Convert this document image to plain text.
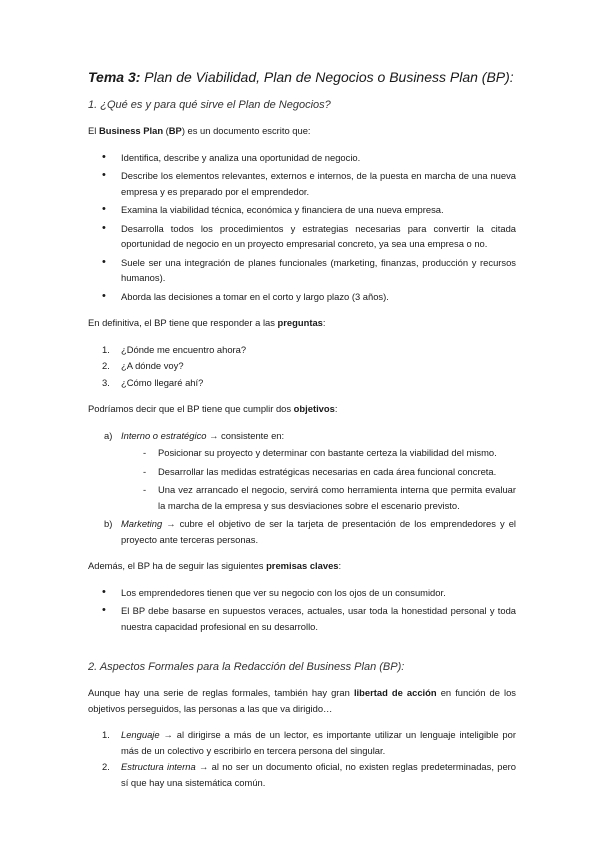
Tema 3: Plan de Viabilidad, Plan de Negocios o Business Plan (BP):
1. ¿Qué es y para qué sirve el Plan de Negocios?

El Business Plan (BP) es un documento escrito que:

• Identifica, describe y analiza una oportunidad de negocio.
• Describe los elementos relevantes, externos e internos, de la puesta en marcha de una nueva empresa y es preparado por el emprendedor.
• Examina la viabilidad técnica, económica y financiera de una nueva empresa.
• Desarrolla todos los procedimientos y estrategias necesarias para convertir la citada oportunidad de negocio en un proyecto empresarial concreto, ya sea una empresa o no.
• Suele ser una integración de planes funcionales (marketing, finanzas, producción y recursos humanos).
• Aborda las decisiones a tomar en el corto y largo plazo (3 años).

En definitiva, el BP tiene que responder a las preguntas:

1. ¿Dónde me encuentro ahora?
2. ¿A dónde voy?
3. ¿Cómo llegaré ahí?

Podríamos decir que el BP tiene que cumplir dos objetivos:

a) Interno o estratégico → consistente en:
- Posicionar su proyecto y determinar con bastante certeza la viabilidad del mismo.
- Desarrollar las medidas estratégicas necesarias en cada área funcional concreta.
- Una vez arrancado el negocio, servirá como herramienta interna que permita evaluar la marcha de la empresa y sus desviaciones sobre el escenario previsto.
b) Marketing → cubre el objetivo de ser la tarjeta de presentación de los emprendedores y el proyecto ante terceras personas.

Además, el BP ha de seguir las siguientes premisas claves:

• Los emprendedores tienen que ver su negocio con los ojos de un consumidor.
• El BP debe basarse en supuestos veraces, actuales, usar toda la honestidad personal y toda nuestra capacidad profesional en su desarrollo.
2. Aspectos Formales para la Redacción del Business Plan (BP):

Aunque hay una serie de reglas formales, también hay gran libertad de acción en función de los objetivos perseguidos, las personas a las que va dirigido…

1. Lenguaje → al dirigirse a más de un lector, es importante utilizar un lenguaje inteligible por más de un colectivo y escribirlo en tercera persona del singular.
2. Estructura interna → al no ser un documento oficial, no existen reglas predeterminadas, pero sí que hay una sistemática común.
